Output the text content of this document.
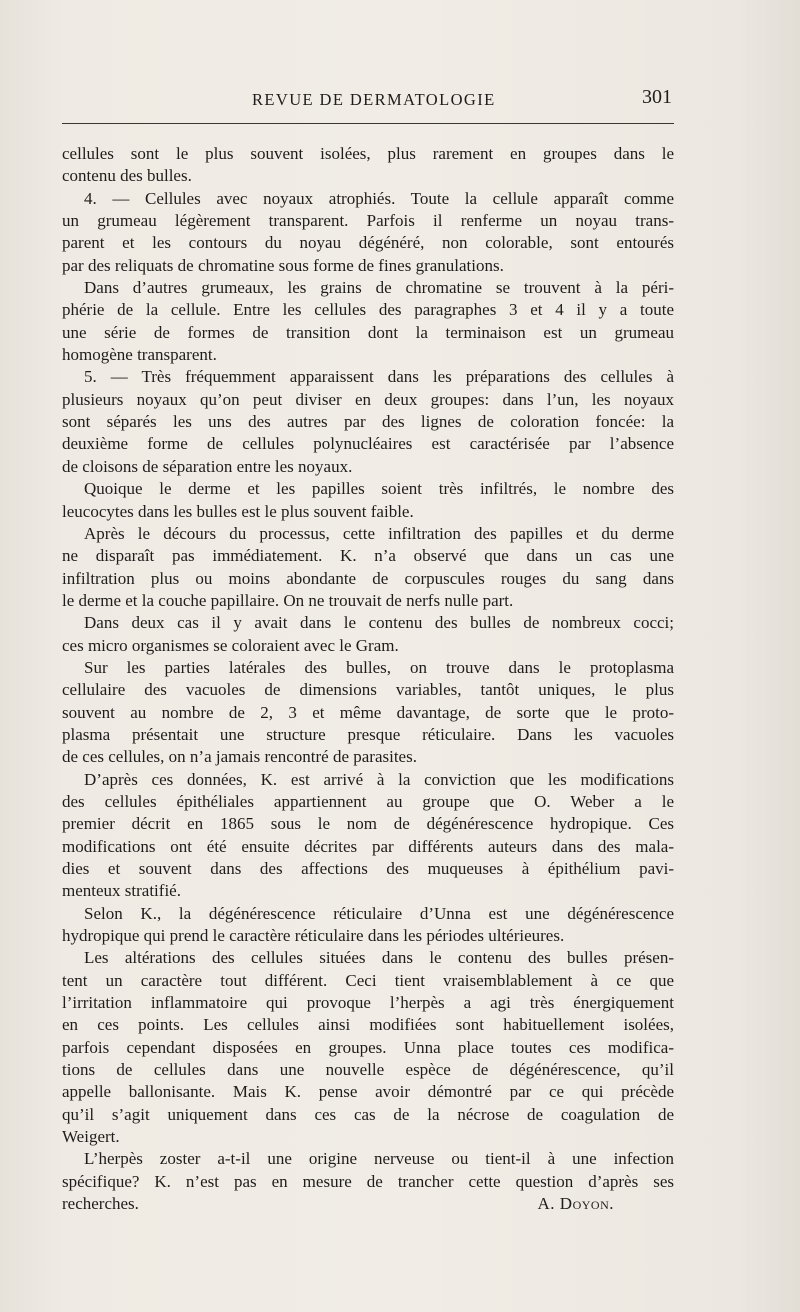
REVUE DE DERMATOLOGIE	301
cellules sont le plus souvent isolées, plus rarement en groupes dans le
contenu des bulles.
4. — Cellules avec noyaux atrophiés. Toute la cellule apparaît comme
un grumeau légèrement transparent. Parfois il renferme un noyau trans-
parent et les contours du noyau dégénéré, non colorable, sont entourés
par des reliquats de chromatine sous forme de fines granulations.
Dans d’autres grumeaux, les grains de chromatine se trouvent à la péri-
phérie de la cellule. Entre les cellules des paragraphes 3 et 4 il y a toute
une série de formes de transition dont la terminaison est un grumeau
homogène transparent.
5. — Très fréquemment apparaissent dans les préparations des cellules à
plusieurs noyaux qu’on peut diviser en deux groupes: dans l’un, les noyaux
sont séparés les uns des autres par des lignes de coloration foncée: la
deuxième forme de cellules polynucléaires est caractérisée par l’absence
de cloisons de séparation entre les noyaux.
Quoique le derme et les papilles soient très infiltrés, le nombre des
leucocytes dans les bulles est le plus souvent faible.
Après le décours du processus, cette infiltration des papilles et du derme
ne disparaît pas immédiatement. K. n’a observé que dans un cas une
infiltration plus ou moins abondante de corpuscules rouges du sang dans
le derme et la couche papillaire. On ne trouvait de nerfs nulle part.
Dans deux cas il y avait dans le contenu des bulles de nombreux cocci;
ces micro organismes se coloraient avec le Gram.
Sur les parties latérales des bulles, on trouve dans le protoplasma
cellulaire des vacuoles de dimensions variables, tantôt uniques, le plus
souvent au nombre de 2, 3 et même davantage, de sorte que le proto-
plasma présentait une structure presque réticulaire. Dans les vacuoles
de ces cellules, on n’a jamais rencontré de parasites.
D’après ces données, K. est arrivé à la conviction que les modifications
des cellules épithéliales appartiennent au groupe que O. Weber a le
premier décrit en 1865 sous le nom de dégénérescence hydropique. Ces
modifications ont été ensuite décrites par différents auteurs dans des mala-
dies et souvent dans des affections des muqueuses à épithélium pavi-
menteux stratifié.
Selon K., la dégénérescence réticulaire d’Unna est une dégénérescence
hydropique qui prend le caractère réticulaire dans les périodes ultérieures.
Les altérations des cellules situées dans le contenu des bulles présen-
tent un caractère tout différent. Ceci tient vraisemblablement à ce que
l’irritation inflammatoire qui provoque l’herpès a agi très énergiquement
en ces points. Les cellules ainsi modifiées sont habituellement isolées,
parfois cependant disposées en groupes. Unna place toutes ces modifica-
tions de cellules dans une nouvelle espèce de dégénérescence, qu’il
appelle ballonisante. Mais K. pense avoir démontré par ce qui précède
qu’il s’agit uniquement dans ces cas de la nécrose de coagulation de
Weigert.
L’herpès zoster a-t-il une origine nerveuse ou tient-il à une infection
spécifique? K. n’est pas en mesure de trancher cette question d’après ses
recherches.	A. Doyon.
